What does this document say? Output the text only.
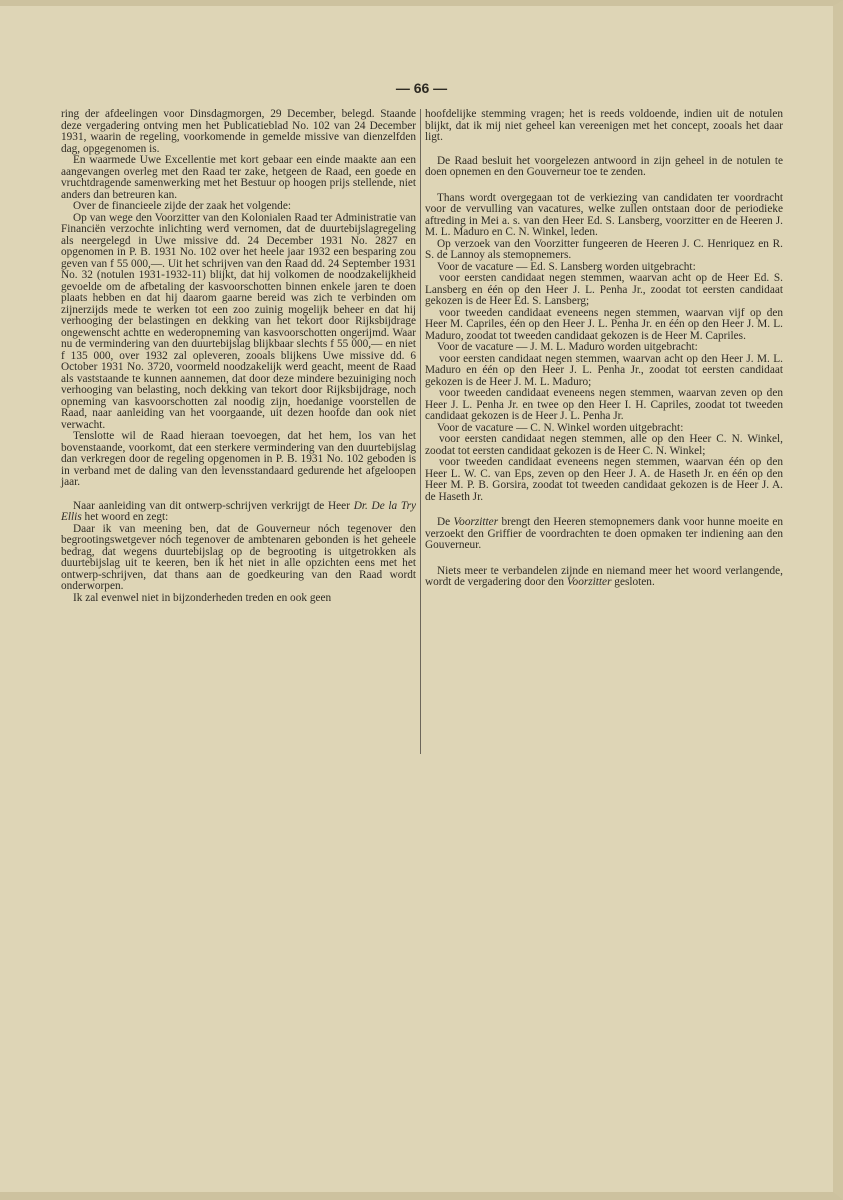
— 66 —

ring der afdeelingen voor Dinsdagmorgen, 29 December, belegd. Staande deze vergadering ontving men het Publicatieblad No. 102 van 24 December 1931, waarin de regeling, voorkomende in gemelde missive van dienzelfden dag, opgegenomen is.

En waarmede Uwe Excellentie met kort gebaar een einde maakte aan een aangevangen overleg met den Raad ter zake, hetgeen de Raad, een goede en vruchtdragende samenwerking met het Bestuur op hoogen prijs stellende, niet anders dan betreuren kan.

Over de financieele zijde der zaak het volgende:

Op van wege den Voorzitter van den Kolonialen Raad ter Administratie van Financiën verzochte inlichting werd vernomen, dat de duurtebijslagregeling als neergelegd in Uwe missive dd. 24 December 1931 No. 2827 en opgenomen in P. B. 1931 No. 102 over het heele jaar 1932 een besparing zou geven van f 55 000,—. Uit het schrijven van den Raad dd. 24 September 1931 No. 32 (notulen 1931-1932-11) blijkt, dat hij volkomen de noodzakelijkheid gevoelde om de afbetaling der kasvoorschotten binnen enkele jaren te doen plaats hebben en dat hij daarom gaarne bereid was zich te verbinden om zijnerzijds mede te werken tot een zoo zuinig mogelijk beheer en dat hij verhooging der belastingen en dekking van het tekort door Rijksbijdrage ongewenscht achtte en wederopneming van kasvoorschotten ongerijmd. Waar nu de vermindering van den duurtebijslag blijkbaar slechts f 55 000,— en niet f 135 000, over 1932 zal opleveren, zooals blijkens Uwe missive dd. 6 October 1931 No. 3720, voormeld noodzakelijk werd geacht, meent de Raad als vaststaande te kunnen aannemen, dat door deze mindere bezuiniging noch verhooging van belasting, noch dekking van tekort door Rijksbijdrage, noch opneming van kasvoorschotten zal noodig zijn, hoedanige voorstellen de Raad, naar aanleiding van het voorgaande, uit dezen hoofde dan ook niet verwacht.

Tenslotte wil de Raad hieraan toevoegen, dat het hem, los van het bovenstaande, voorkomt, dat een sterkere vermindering van den duurtebijslag dan verkregen door de regeling opgenomen in P. B. 1931 No. 102 geboden is in verband met de daling van den levensstandaard gedurende het afgeloopen jaar.

Naar aanleiding van dit ontwerp-schrijven verkrijgt de Heer Dr. De la Try Ellis het woord en zegt:

Daar ik van meening ben, dat de Gouverneur nóch tegenover den begrootingswetgever nóch tegenover de ambtenaren gebonden is het geheele bedrag, dat wegens duurtebijslag op de begrooting is uitgetrokken als duurtebijslag uit te keeren, ben ik het niet in alle opzichten eens met het ontwerp-schrijven, dat thans aan de goedkeuring van den Raad wordt onderworpen.

Ik zal evenwel niet in bijzonderheden treden en ook geen

hoofdelijke stemming vragen; het is reeds voldoende, indien uit de notulen blijkt, dat ik mij niet geheel kan vereenigen met het concept, zooals het daar ligt.

De Raad besluit het voorgelezen antwoord in zijn geheel in de notulen te doen opnemen en den Gouverneur toe te zenden.

Thans wordt overgegaan tot de verkiezing van candidaten ter voordracht voor de vervulling van vacatures, welke zullen ontstaan door de periodieke aftreding in Mei a. s. van den Heer Ed. S. Lansberg, voorzitter en de Heeren J. M. L. Maduro en C. N. Winkel, leden.

Op verzoek van den Voorzitter fungeeren de Heeren J. C. Henriquez en R. S. de Lannoy als stemopnemers.

Voor de vacature — Ed. S. Lansberg worden uitgebracht:

voor eersten candidaat negen stemmen, waarvan acht op de Heer Ed. S. Lansberg en één op den Heer J. L. Penha Jr., zoodat tot eersten candidaat gekozen is de Heer Ed. S. Lansberg;

voor tweeden candidaat eveneens negen stemmen, waarvan vijf op den Heer M. Capriles, één op den Heer J. L. Penha Jr. en één op den Heer J. M. L. Maduro, zoodat tot tweeden candidaat gekozen is de Heer M. Capriles.

Voor de vacature — J. M. L. Maduro worden uitgebracht:

voor eersten candidaat negen stemmen, waarvan acht op den Heer J. M. L. Maduro en één op den Heer J. L. Penha Jr., zoodat tot eersten candidaat gekozen is de Heer J. M. L. Maduro;

voor tweeden candidaat eveneens negen stemmen, waarvan zeven op den Heer J. L. Penha Jr. en twee op den Heer I. H. Capriles, zoodat tot tweeden candidaat gekozen is de Heer J. L. Penha Jr.

Voor de vacature — C. N. Winkel worden uitgebracht:

voor eersten candidaat negen stemmen, alle op den Heer C. N. Winkel, zoodat tot eersten candidaat gekozen is de Heer C. N. Winkel;

voor tweeden candidaat eveneens negen stemmen, waarvan één op den Heer L. W. C. van Eps, zeven op den Heer J. A. de Haseth Jr. en één op den Heer M. P. B. Gorsira, zoodat tot tweeden candidaat gekozen is de Heer J. A. de Haseth Jr.

De Voorzitter brengt den Heeren stemopnemers dank voor hunne moeite en verzoekt den Griffier de voordrachten te doen opmaken ter indiening aan den Gouverneur.

Niets meer te verbandelen zijnde en niemand meer het woord verlangende, wordt de vergadering door den Voorzitter gesloten.
